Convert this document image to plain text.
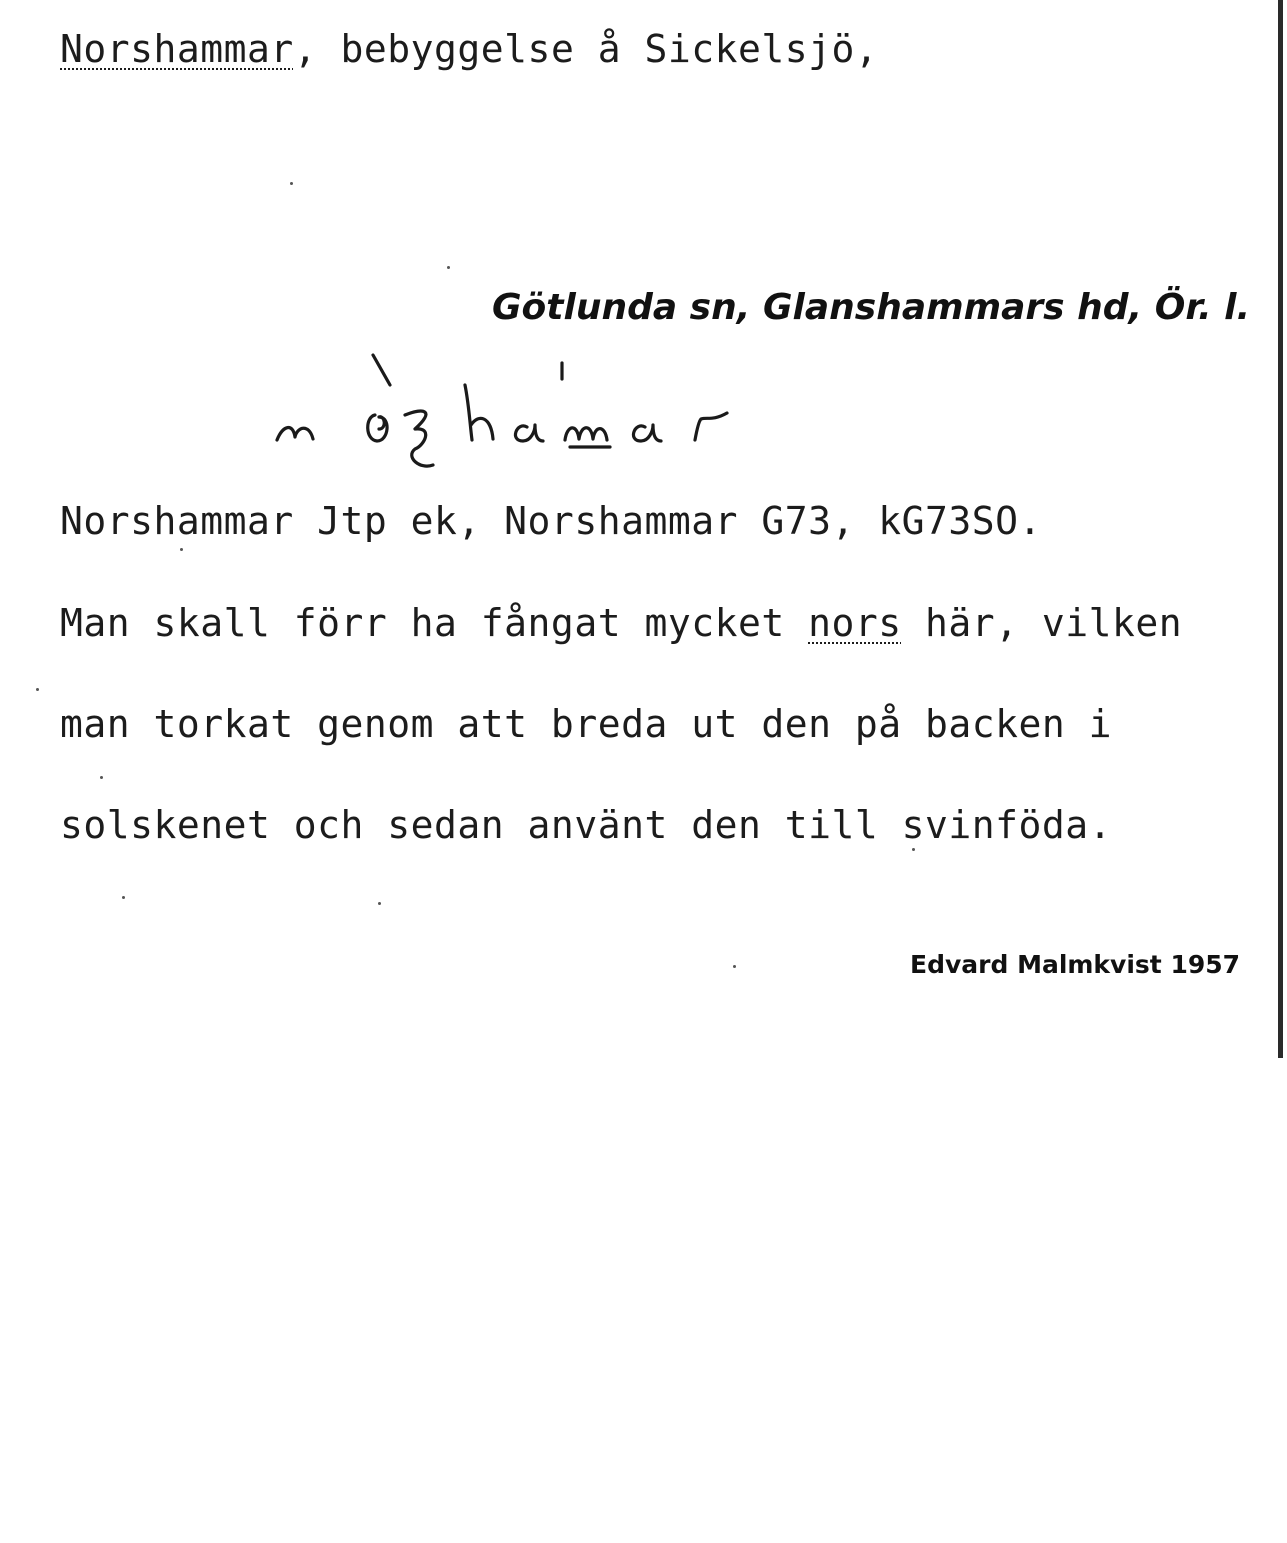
Norshammar, bebyggelse å Sickelsjö,
Götlunda sn, Glanshammars hd, Ör. l.
Norshammar Jtp ek, Norshammar G73, kG73SO.
Man skall förr ha fångat mycket nors här, vilken
man torkat genom att breda ut den på backen i
solskenet och sedan använt den till svinföda.
Edvard Malmkvist 1957
